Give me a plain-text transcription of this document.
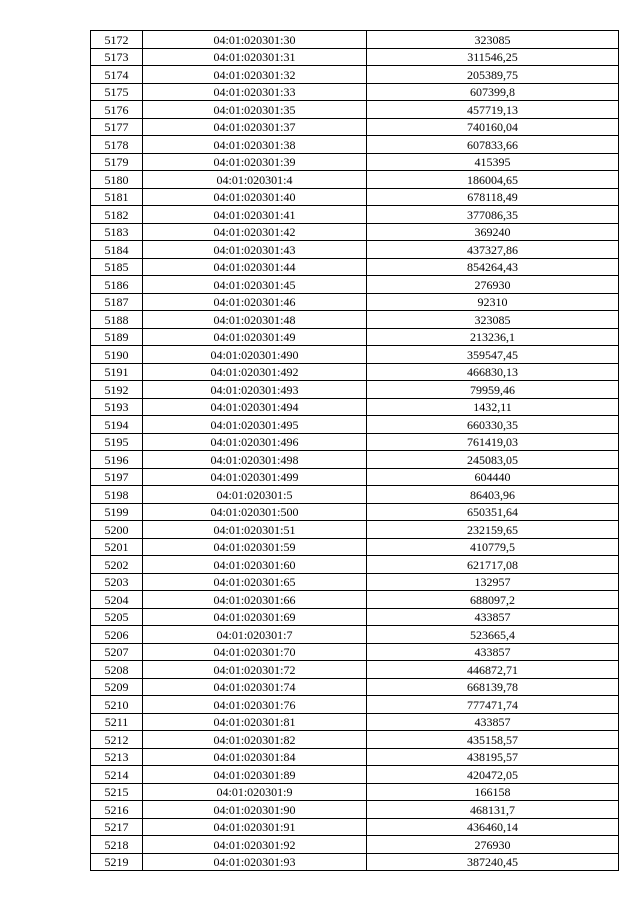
5172	04:01:020301:30	323085
5173	04:01:020301:31	311546,25
5174	04:01:020301:32	205389,75
5175	04:01:020301:33	607399,8
5176	04:01:020301:35	457719,13
5177	04:01:020301:37	740160,04
5178	04:01:020301:38	607833,66
5179	04:01:020301:39	415395
5180	04:01:020301:4	186004,65
5181	04:01:020301:40	678118,49
5182	04:01:020301:41	377086,35
5183	04:01:020301:42	369240
5184	04:01:020301:43	437327,86
5185	04:01:020301:44	854264,43
5186	04:01:020301:45	276930
5187	04:01:020301:46	92310
5188	04:01:020301:48	323085
5189	04:01:020301:49	213236,1
5190	04:01:020301:490	359547,45
5191	04:01:020301:492	466830,13
5192	04:01:020301:493	79959,46
5193	04:01:020301:494	1432,11
5194	04:01:020301:495	660330,35
5195	04:01:020301:496	761419,03
5196	04:01:020301:498	245083,05
5197	04:01:020301:499	604440
5198	04:01:020301:5	86403,96
5199	04:01:020301:500	650351,64
5200	04:01:020301:51	232159,65
5201	04:01:020301:59	410779,5
5202	04:01:020301:60	621717,08
5203	04:01:020301:65	132957
5204	04:01:020301:66	688097,2
5205	04:01:020301:69	433857
5206	04:01:020301:7	523665,4
5207	04:01:020301:70	433857
5208	04:01:020301:72	446872,71
5209	04:01:020301:74	668139,78
5210	04:01:020301:76	777471,74
5211	04:01:020301:81	433857
5212	04:01:020301:82	435158,57
5213	04:01:020301:84	438195,57
5214	04:01:020301:89	420472,05
5215	04:01:020301:9	166158
5216	04:01:020301:90	468131,7
5217	04:01:020301:91	436460,14
5218	04:01:020301:92	276930
5219	04:01:020301:93	387240,45
